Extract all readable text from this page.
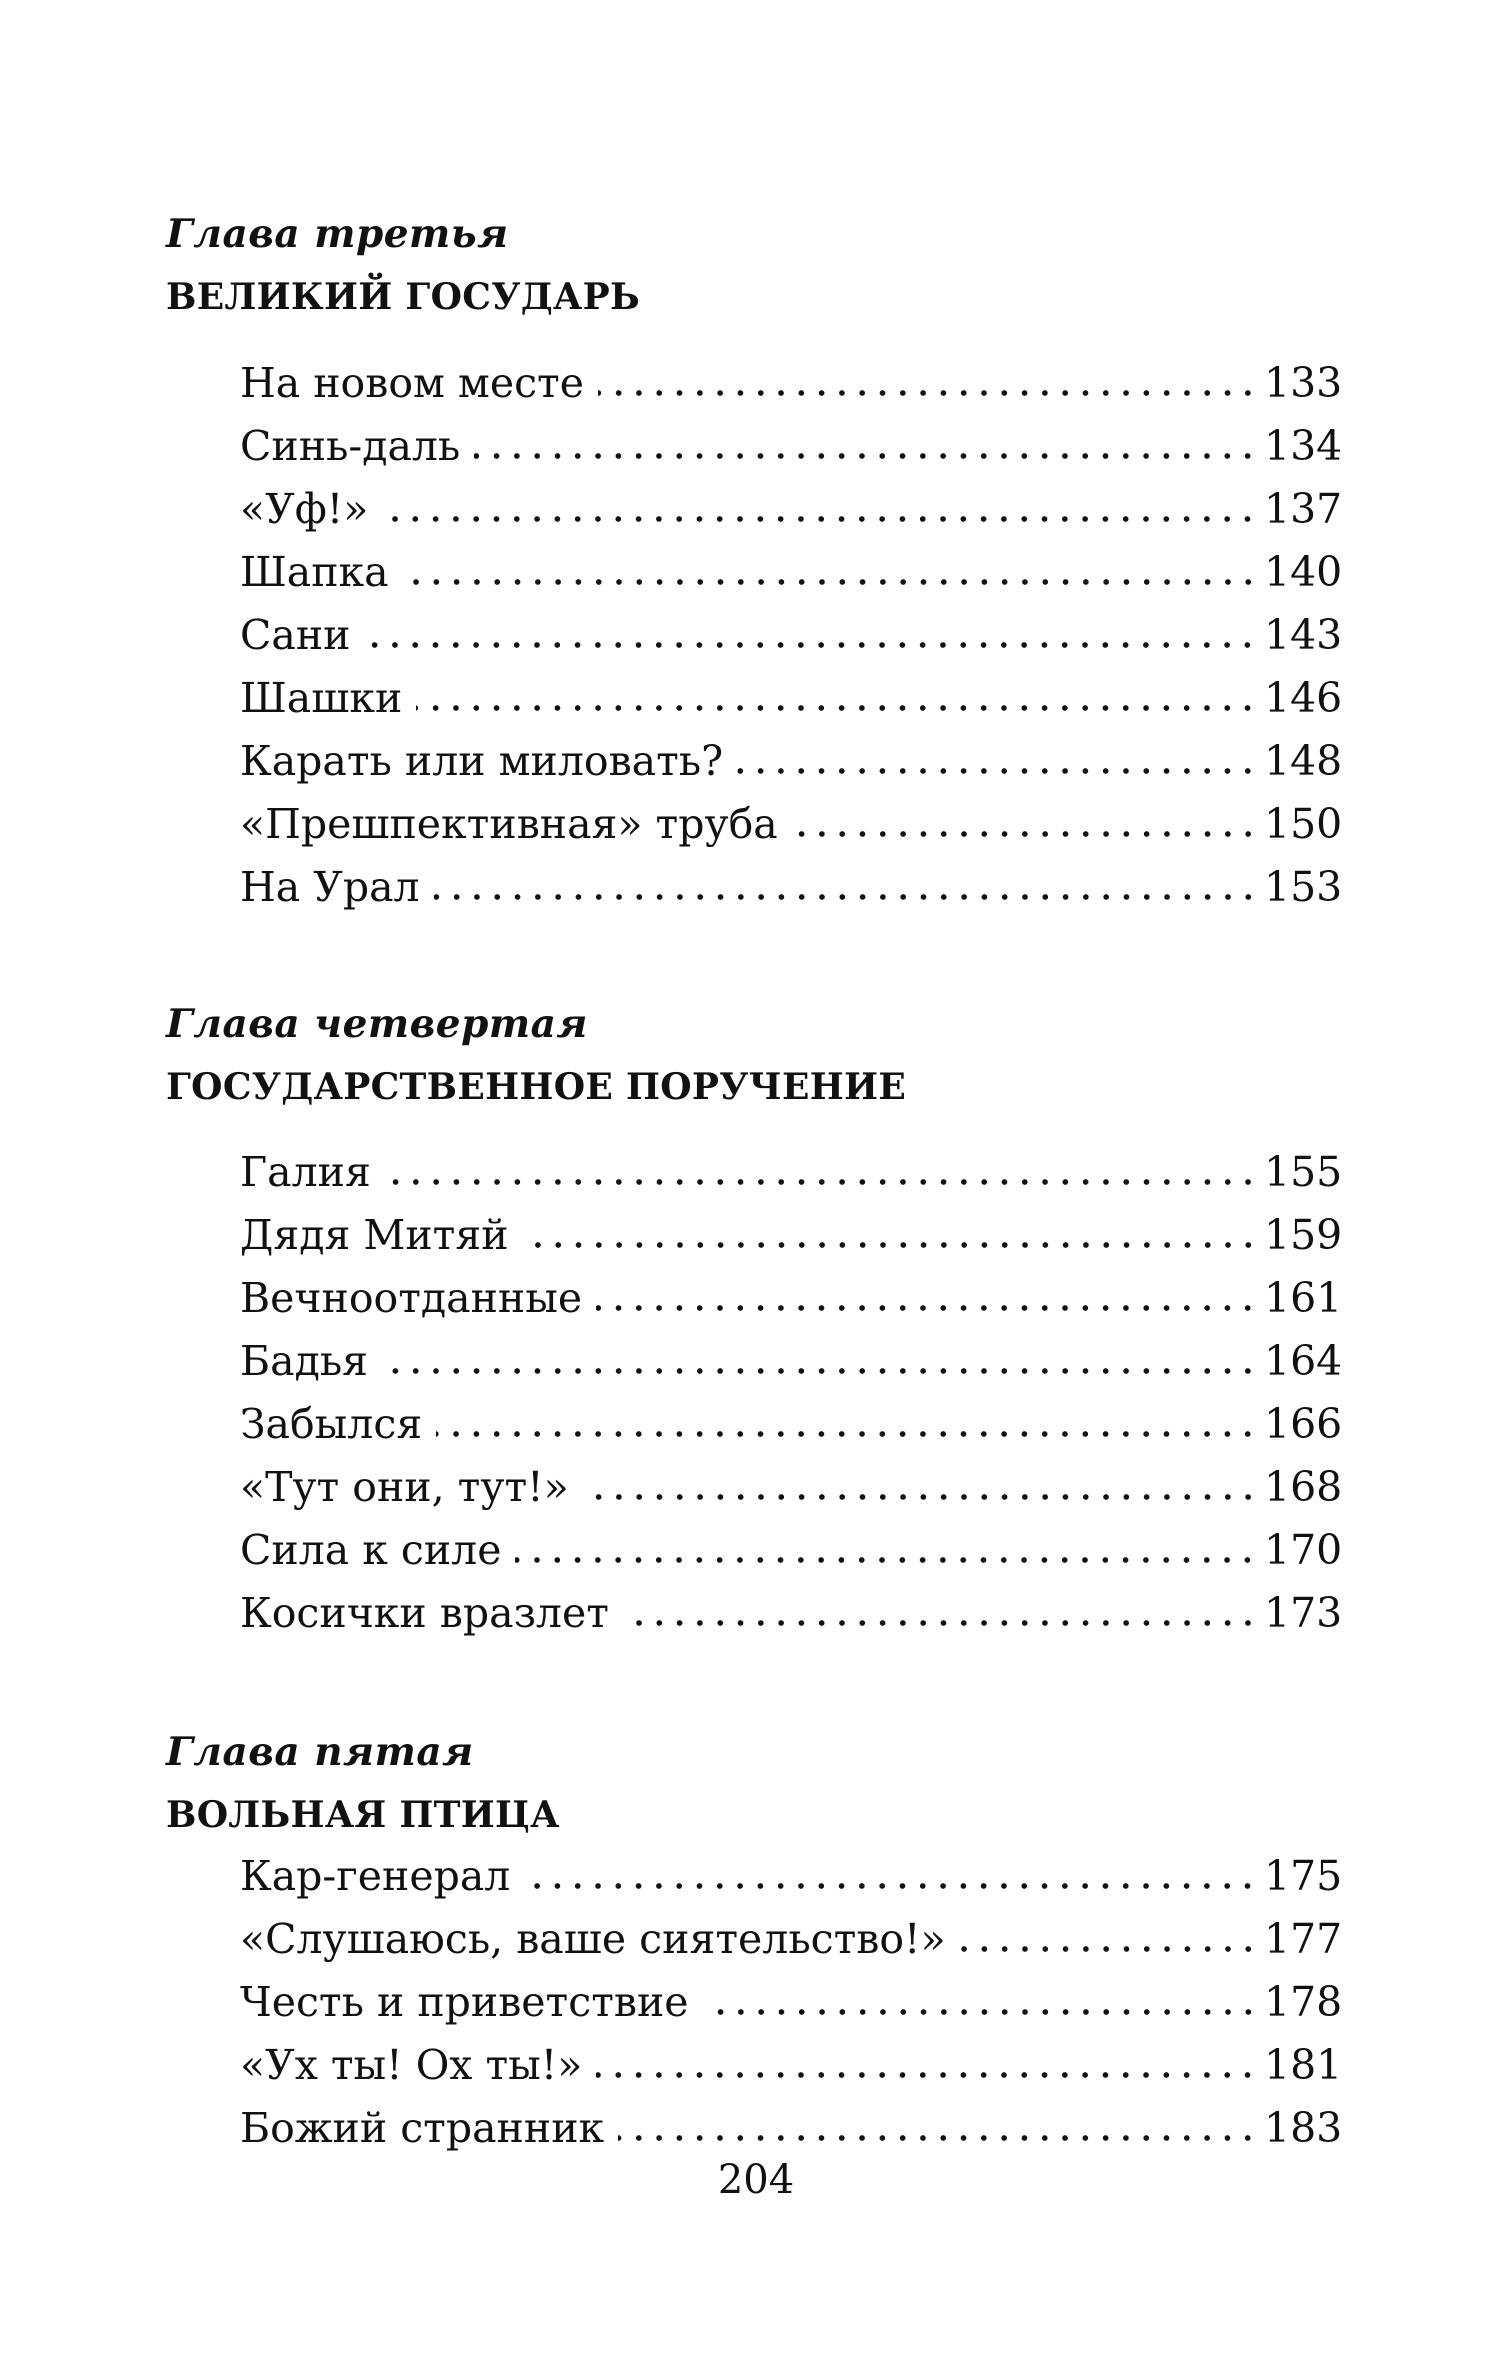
Глава третья
ВЕЛИКИЙ ГОСУДАРЬ
На новом месте	133
Синь-даль	134
«Уф!»	137
Шапка	140
Сани	143
Шашки	146
Карать или миловать?	148
«Прешпективная» труба	150
На Урал	153
Глава четвертая
ГОСУДАРСТВЕННОЕ ПОРУЧЕНИЕ
Галия	155
Дядя Митяй	159
Вечноотданные	161
Бадья	164
Забылся	166
«Тут они, тут!»	168
Сила к силе	170
Косички вразлет	173
Глава пятая
ВОЛЬНАЯ ПТИЦА
Кар-генерал	175
«Слушаюсь, ваше сиятельство!»	177
Честь и приветствие	178
«Ух ты! Ох ты!»	181
Божий странник	183
204
